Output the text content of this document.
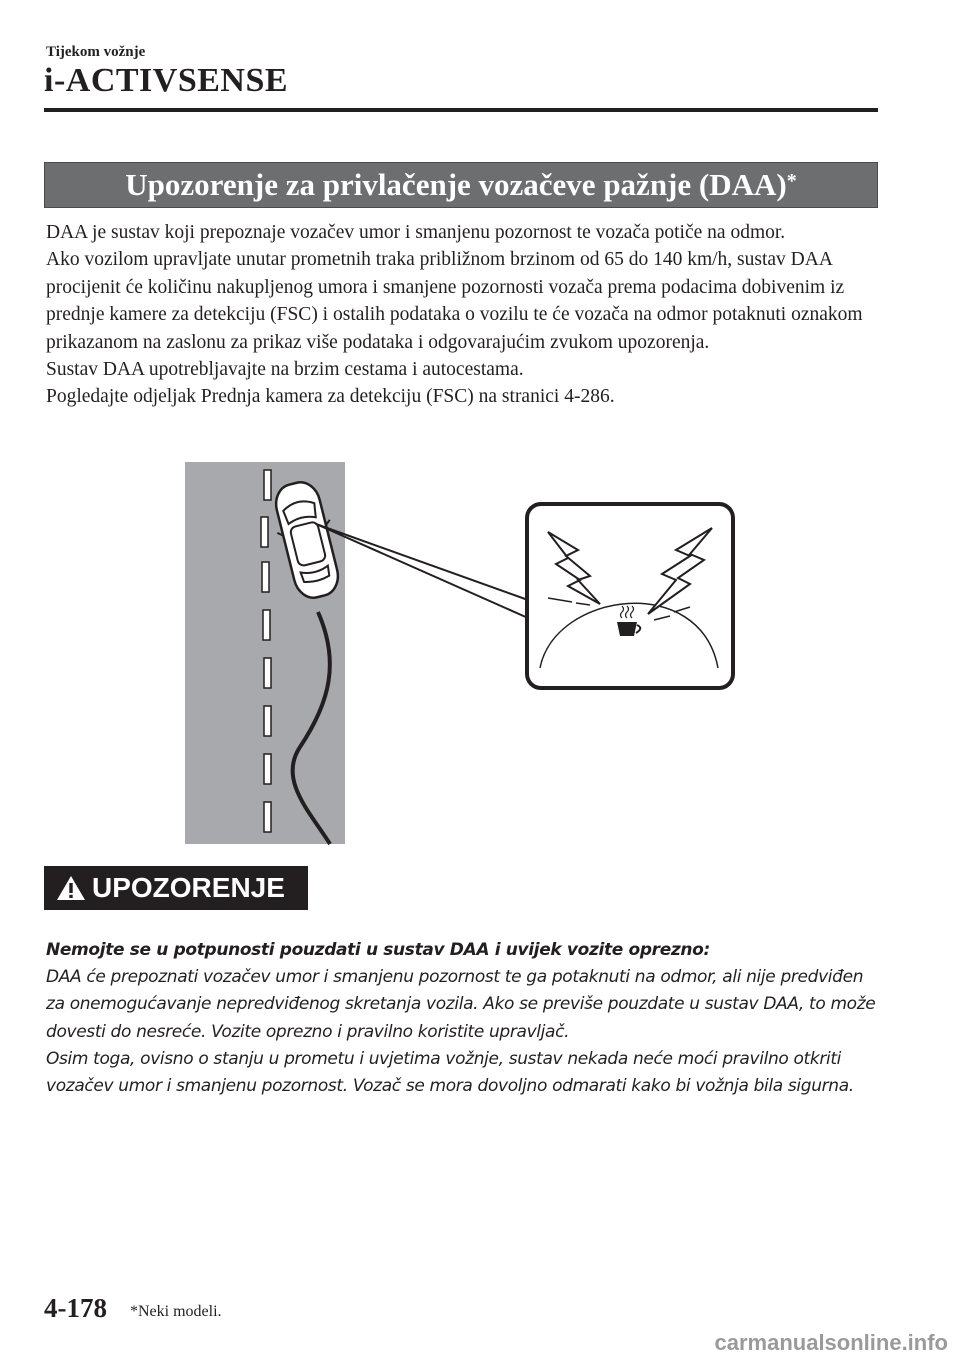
Tijekom vožnje
i-ACTIVSENSE
Upozorenje za privlačenje vozačeve pažnje (DAA)*

DAA je sustav koji prepoznaje vozačev umor i smanjenu pozornost te vozača potiče na odmor.

Ako vozilom upravljate unutar prometnih traka približnom brzinom od 65 do 140 km/h, sustav DAA procijenit će količinu nakupljenog umora i smanjene pozornosti vozača prema podacima dobivenim iz prednje kamere za detekciju (FSC) i ostalih podataka o vozilu te će vozača na odmor potaknuti oznakom prikazanom na zaslonu za prikaz više podataka i odgovarajućim zvukom upozorenja.

Sustav DAA upotrebljavajte na brzim cestama i autocestama.

Pogledajte odjeljak Prednja kamera za detekciju (FSC) na stranici 4-286.

UPOZORENJE

Nemojte se u potpunosti pouzdati u sustav DAA i uvijek vozite oprezno:

DAA će prepoznati vozačev umor i smanjenu pozornost te ga potaknuti na odmor, ali nije predviđen za onemogućavanje nepredviđenog skretanja vozila. Ako se previše pouzdate u sustav DAA, to može dovesti do nesreće. Vozite oprezno i pravilno koristite upravljač.

Osim toga, ovisno o stanju u prometu i uvjetima vožnje, sustav nekada neće moći pravilno otkriti vozačev umor i smanjenu pozornost. Vozač se mora dovoljno odmarati kako bi vožnja bila sigurna.

4-178 *Neki modeli.
carmanualsonline.info
